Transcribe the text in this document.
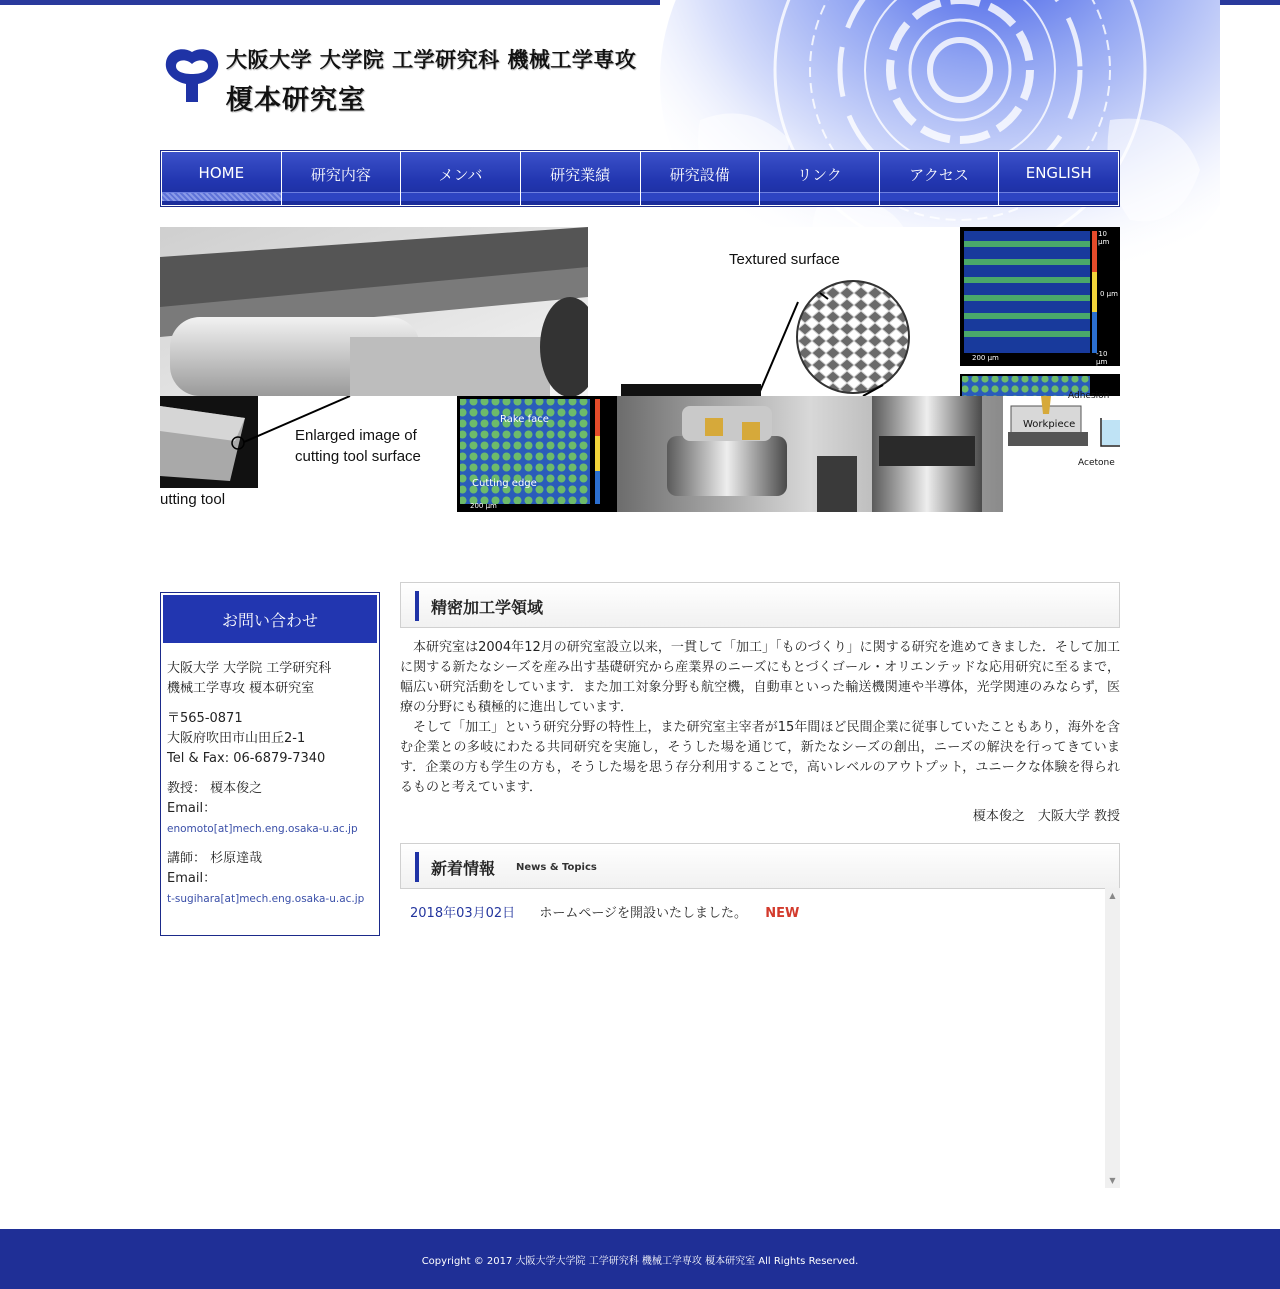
大阪大学 大学院 工学研究科 機械工学専攻
榎本研究室
HOME	研究内容	メンバ	研究業績	研究設備	リンク	アクセス	ENGLISH
Textured surface
10 μm
0 μm
-10 μm
200 μm
Enlarged image of
cutting tool surface
utting tool
Rake face
Cutting edge
200 μm
Workpiece
Adhesion
Acetone
お問い合わせ

大阪大学 大学院 工学研究科
機械工学専攻 榎本研究室

〒565-0871
大阪府吹田市山田丘2-1
Tel & Fax: 06-6879-7340

教授： 榎本俊之
Email：
enomoto[at]mech.eng.osaka-u.ac.jp

講師： 杉原達哉
Email：
t-sugihara[at]mech.eng.osaka-u.ac.jp

精密加工学領域

本研究室は2004年12月の研究室設立以来，一貫して「加工」「ものづくり」に関する研究を進めてきました．そして加工に関する新たなシーズを産み出す基礎研究から産業界のニーズにもとづくゴール・オリエンテッドな応用研究に至るまで，幅広い研究活動をしています．また加工対象分野も航空機，自動車といった輸送機関連や半導体，光学関連のみならず，医療の分野にも積極的に進出しています．

そして「加工」という研究分野の特性上，また研究室主宰者が15年間ほど民間企業に従事していたこともあり，海外を含む企業との多岐にわたる共同研究を実施し，そうした場を通じて，新たなシーズの創出，ニーズの解決を行ってきています．企業の方も学生の方も，そうした場を思う存分利用することで，高いレベルのアウトプット，ユニークな体験を得られるものと考えています．

榎本俊之　大阪大学 教授
新着情報 News & Topics
2018年03月02日 ホームページを開設いたしました。 NEW
▲
▼
Copyright © 2017 大阪大学大学院 工学研究科 機械工学専攻 榎本研究室 All Rights Reserved.
